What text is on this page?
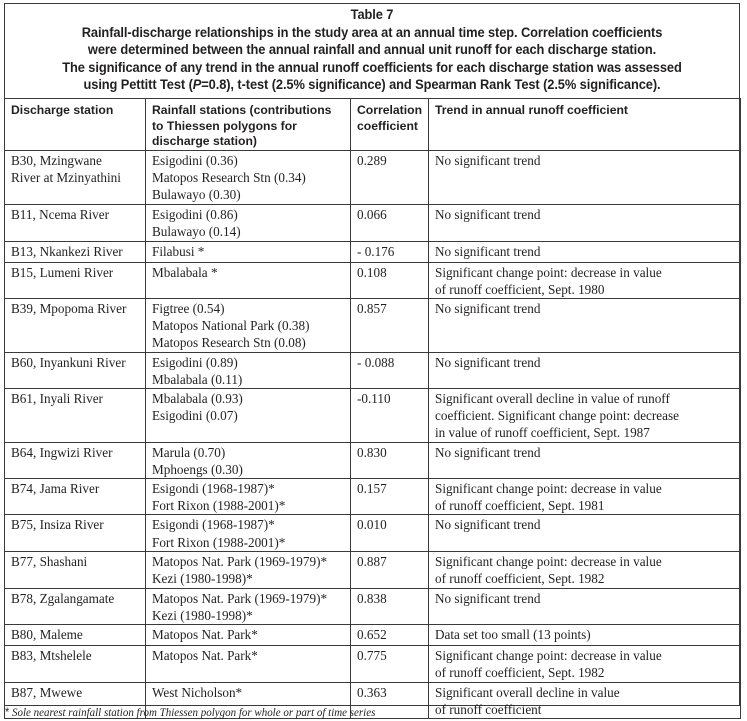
Table 7
Rainfall-discharge relationships in the study area at an annual time step. Correlation coefficients
were determined between the annual rainfall and annual unit runoff for each discharge station.
The significance of any trend in the annual runoff coefficients for each discharge station was assessed
using Pettitt Test (P=0.8), t-test (2.5% significance) and Spearman Rank Test (2.5% significance).
Discharge station	Rainfall stations (contributions
to Thiessen polygons for
discharge station)	Correlation
coefficient	Trend in annual runoff coefficient

B30, Mzingwane
River at Mzinyathini	Esigodini (0.36)
Matopos Research Stn (0.34)
Bulawayo (0.30)	0.289	No significant trend

B11, Ncema River	Esigodini (0.86)
Bulawayo (0.14)	0.066	No significant trend

B13, Nkankezi River	Filabusi *	- 0.176	No significant trend

B15, Lumeni River	Mbalabala *	0.108	Significant change point: decrease in value
of runoff coefficient, Sept. 1980

B39, Mpopoma River	Figtree (0.54)
Matopos National Park (0.38)
Matopos Research Stn (0.08)	0.857	No significant trend

B60, Inyankuni River	Esigodini (0.89)
Mbalabala (0.11)	- 0.088	No significant trend

B61, Inyali River	Mbalabala (0.93)
Esigodini (0.07)	-0.110	Significant overall decline in value of runoff
coefficient. Significant change point: decrease
in value of runoff coefficient, Sept. 1987

B64, Ingwizi River	Marula (0.70)
Mphoengs (0.30)	0.830	No significant trend

B74, Jama River	Esigondi (1968-1987)*
Fort Rixon (1988-2001)*	0.157	Significant change point: decrease in value
of runoff coefficient, Sept. 1981

B75, Insiza River	Esigondi (1968-1987)*
Fort Rixon (1988-2001)*	0.010	No significant trend

B77, Shashani	Matopos Nat. Park (1969-1979)*
Kezi (1980-1998)*	0.887	Significant change point: decrease in value
of runoff coefficient, Sept. 1982

B78, Zgalangamate	Matopos Nat. Park (1969-1979)*
Kezi (1980-1998)*	0.838	No significant trend

B80, Maleme	Matopos Nat. Park*	0.652	Data set too small (13 points)

B83, Mtshelele	Matopos Nat. Park*	0.775	Significant change point: decrease in value
of runoff coefficient, Sept. 1982

B87, Mwewe	West Nicholson*	0.363	Significant overall decline in value
of runoff coefficient
* Sole nearest rainfall station from Thiessen polygon for whole or part of time series
